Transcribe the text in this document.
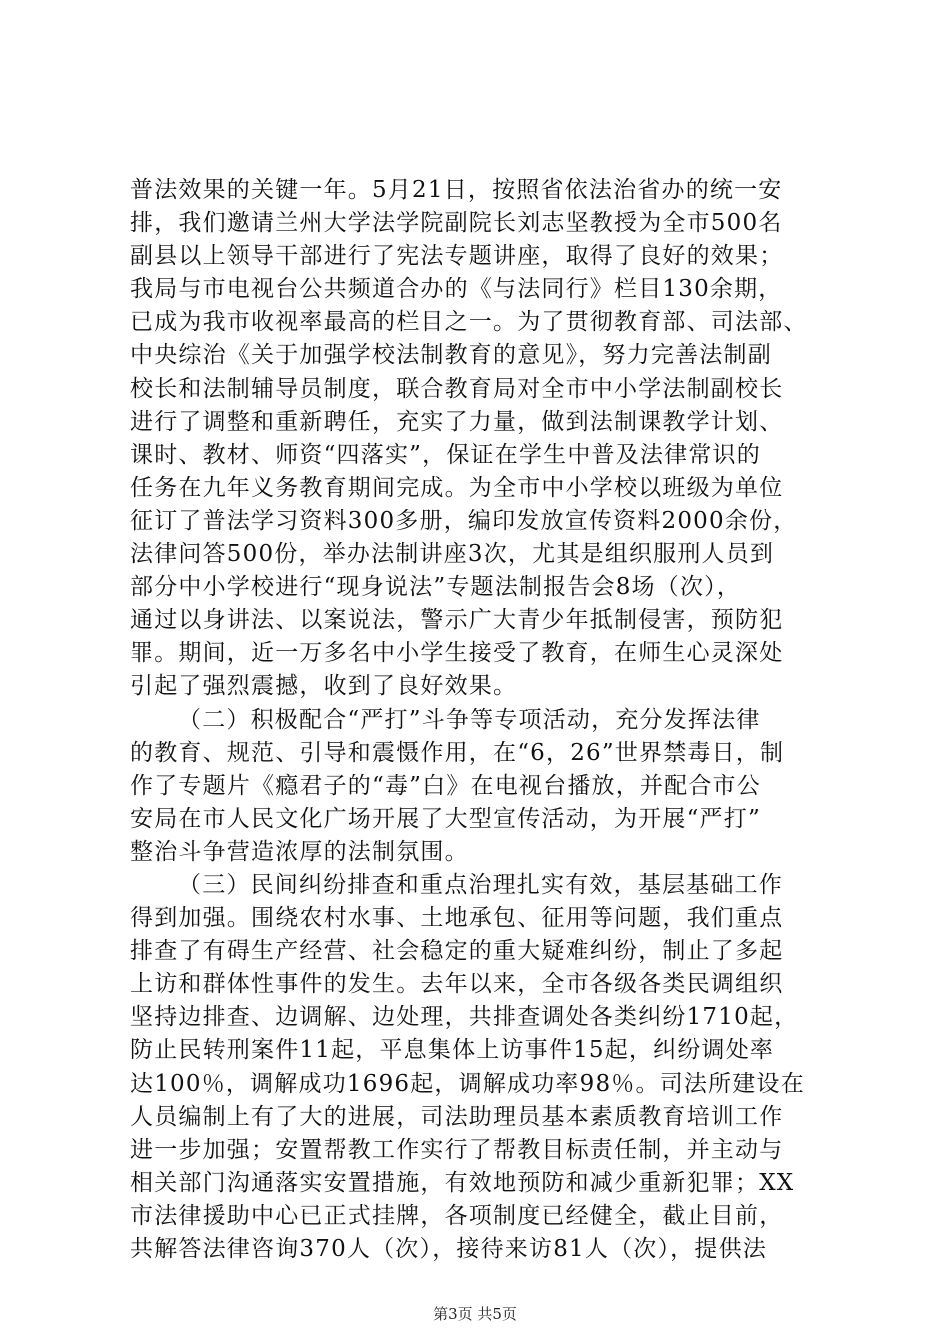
普法效果的关键一年。5月21日，按照省依法治省办的统一安
排，我们邀请兰州大学法学院副院长刘志坚教授为全市500名
副县以上领导干部进行了宪法专题讲座，取得了良好的效果；
我局与市电视台公共频道合办的《与法同行》栏目130余期，
已成为我市收视率最高的栏目之一。为了贯彻教育部、司法部、
中央综治《关于加强学校法制教育的意见》，努力完善法制副
校长和法制辅导员制度，联合教育局对全市中小学法制副校长
进行了调整和重新聘任，充实了力量，做到法制课教学计划、
课时、教材、师资“四落实”，保证在学生中普及法律常识的
任务在九年义务教育期间完成。为全市中小学校以班级为单位
征订了普法学习资料300多册，编印发放宣传资料2000余份，
法律问答500份，举办法制讲座3次，尤其是组织服刑人员到
部分中小学校进行“现身说法”专题法制报告会8场（次），
通过以身讲法、以案说法，警示广大青少年抵制侵害，预防犯
罪。期间，近一万多名中小学生接受了教育，在师生心灵深处
引起了强烈震撼，收到了良好效果。
（二）积极配合“严打”斗争等专项活动，充分发挥法律
的教育、规范、引导和震慑作用，在“6，26”世界禁毒日，制
作了专题片《瘾君子的“毒”白》在电视台播放，并配合市公
安局在市人民文化广场开展了大型宣传活动，为开展“严打”
整治斗争营造浓厚的法制氛围。
（三）民间纠纷排查和重点治理扎实有效，基层基础工作
得到加强。围绕农村水事、土地承包、征用等问题，我们重点
排查了有碍生产经营、社会稳定的重大疑难纠纷，制止了多起
上访和群体性事件的发生。去年以来，全市各级各类民调组织
坚持边排查、边调解、边处理，共排查调处各类纠纷1710起，
防止民转刑案件11起，平息集体上访事件15起，纠纷调处率
达100％，调解成功1696起，调解成功率98％。司法所建设在
人员编制上有了大的进展，司法助理员基本素质教育培训工作
进一步加强；安置帮教工作实行了帮教目标责任制，并主动与
相关部门沟通落实安置措施，有效地预防和减少重新犯罪；XX
市法律援助中心已正式挂牌，各项制度已经健全，截止目前，
共解答法律咨询370人（次），接待来访81人（次），提供法
第3页 共5页
